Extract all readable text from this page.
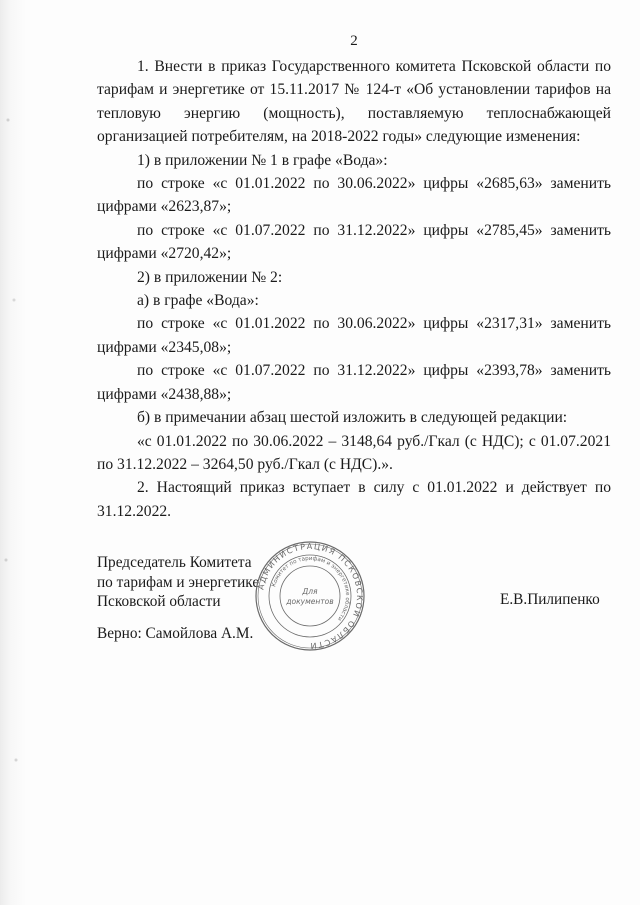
2

1. Внести в приказ Государственного комитета Псковской области по тарифам и энергетике от 15.11.2017 № 124-т «Об установлении тарифов на тепловую энергию (мощность), поставляемую теплоснабжающей организацией потребителям, на 2018-2022 годы» следующие изменения:

1) в приложении № 1 в графе «Вода»:

по строке «с 01.01.2022 по 30.06.2022» цифры «2685,63» заменить цифрами «2623,87»;

по строке «с 01.07.2022 по 31.12.2022» цифры «2785,45» заменить цифрами «2720,42»;

2) в приложении № 2:

а) в графе «Вода»:

по строке «с 01.01.2022 по 30.06.2022» цифры «2317,31» заменить цифрами «2345,08»;

по строке «с 01.07.2022 по 31.12.2022» цифры «2393,78» заменить цифрами «2438,88»;

б) в примечании абзац шестой изложить в следующей редакции:

«с 01.01.2022 по 30.06.2022 – 3148,64 руб./Гкал (с НДС); с 01.07.2021 по 31.12.2022 – 3264,50 руб./Гкал (с НДС).».

2. Настоящий приказ вступает в силу с 01.01.2022 и действует по 31.12.2022.

Председатель Комитета
по тарифам и энергетике
Псковской области	Е.В.Пилипенко
Верно: Самойлова А.М.
АДМИНИСТРАЦИЯ ПСКОВСКОЙ ОБЛАСТИ
Комитет по тарифам и энергетике области
Для
документов
